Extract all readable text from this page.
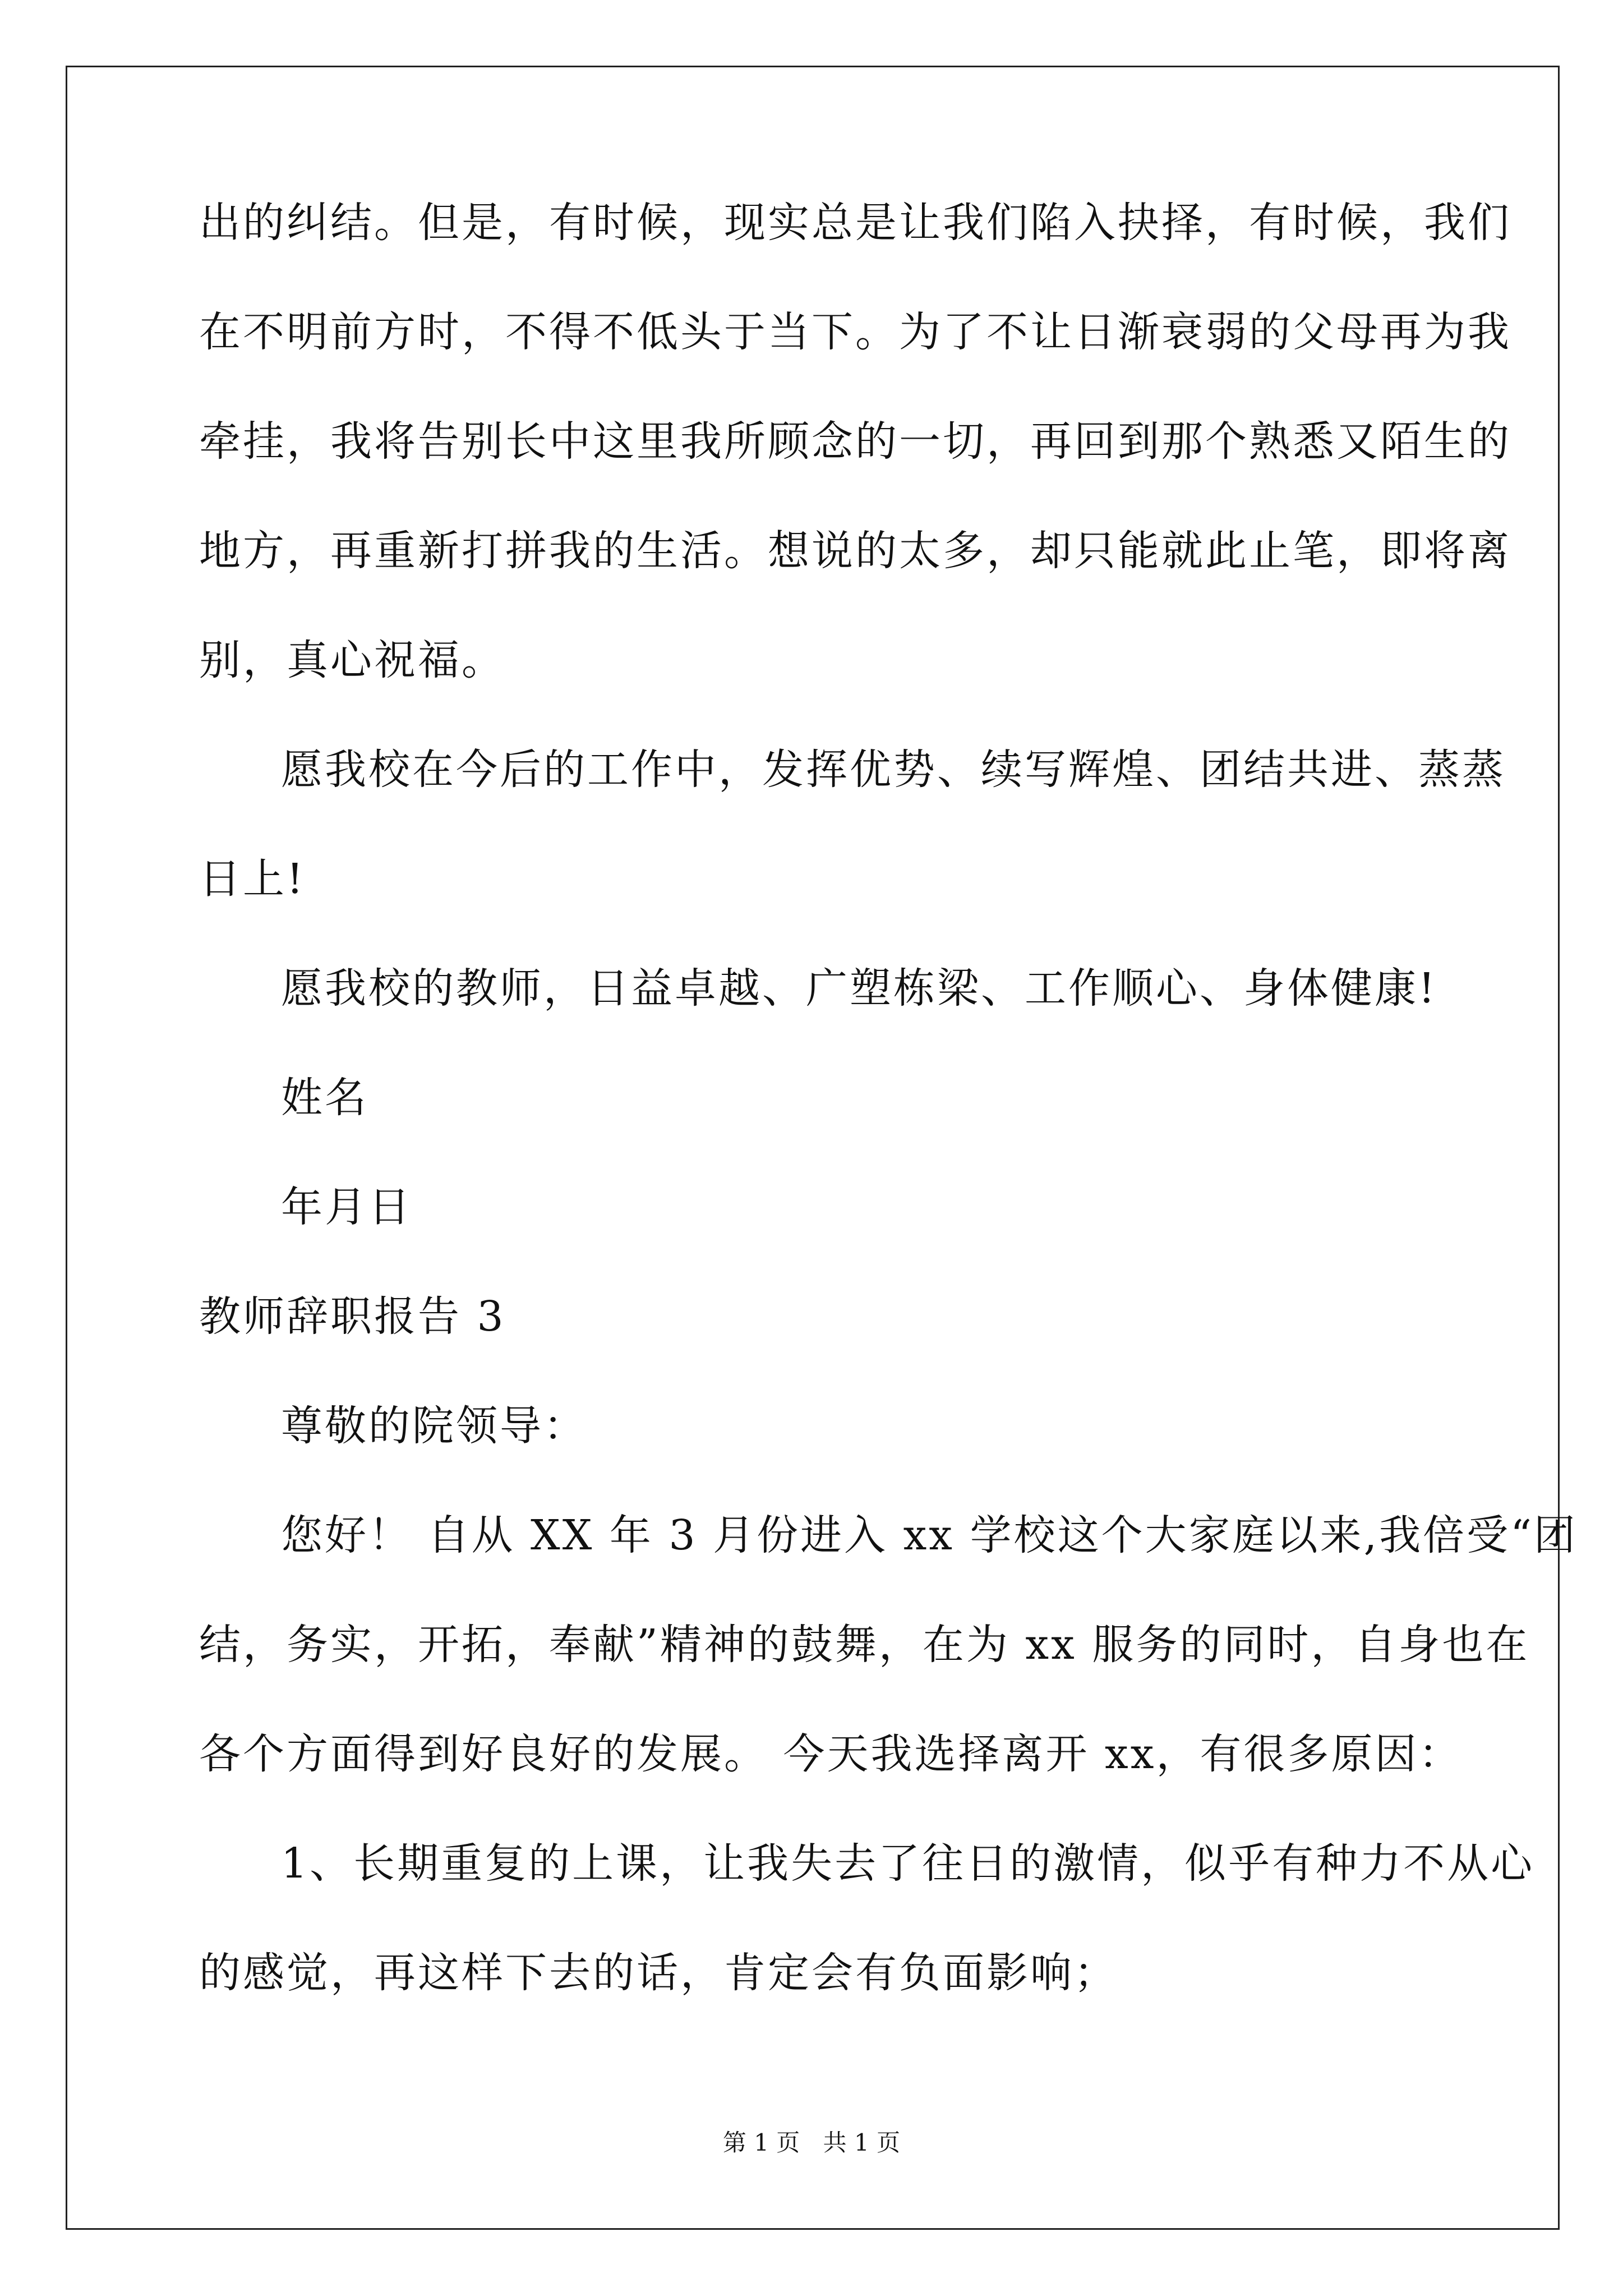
出的纠结。但是，有时候，现实总是让我们陷入抉择，有时候，我们
在不明前方时，不得不低头于当下。为了不让日渐衰弱的父母再为我
牵挂，我将告别长中这里我所顾念的一切，再回到那个熟悉又陌生的
地方，再重新打拼我的生活。想说的太多，却只能就此止笔，即将离
别，真心祝福。
愿我校在今后的工作中，发挥优势、续写辉煌、团结共进、蒸蒸
日上!
愿我校的教师，日益卓越、广塑栋梁、工作顺心、身体健康!
姓名
年月日
教师辞职报告 3
尊敬的院领导：
您好！ 自从 XX 年 3 月份进入 xx 学校这个大家庭以来,我倍受“团
结，务实，开拓，奉献”精神的鼓舞，在为 xx 服务的同时，自身也在
各个方面得到好良好的发展。 今天我选择离开 xx，有很多原因：
1、长期重复的上课，让我失去了往日的激情，似乎有种力不从心
的感觉，再这样下去的话，肯定会有负面影响；
第 1 页 共 1 页
